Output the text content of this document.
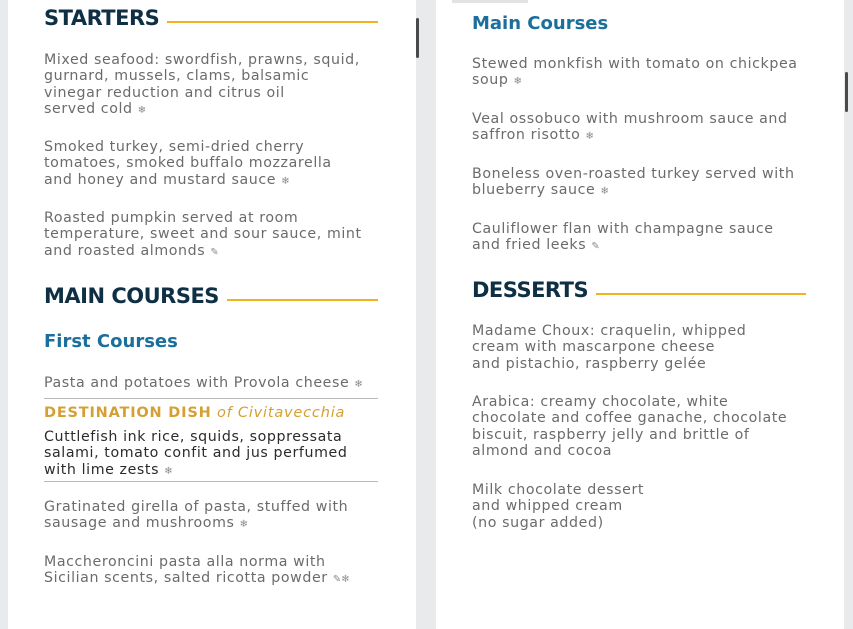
STARTERS
Mixed seafood: swordfish, prawns, squid,
gurnard, mussels, clams, balsamic
vinegar reduction and citrus oil
served cold ❄
Smoked turkey, semi-dried cherry
tomatoes, smoked buffalo mozzarella
and honey and mustard sauce ❄
Roasted pumpkin served at room
temperature, sweet and sour sauce, mint
and roasted almonds ✎
MAIN COURSES
First Courses
Pasta and potatoes with Provola cheese ❄
DESTINATION DISH of Civitavecchia
Cuttlefish ink rice, squids, soppressata
salami, tomato confit and jus perfumed
with lime zests ❄
Gratinated girella of pasta, stuffed with
sausage and mushrooms ❄
Maccheroncini pasta alla norma with
Sicilian scents, salted ricotta powder ✎❄
Main Courses
Stewed monkfish with tomato on chickpea
soup ❄
Veal ossobuco with mushroom sauce and
saffron risotto ❄
Boneless oven-roasted turkey served with
blueberry sauce ❄
Cauliflower flan with champagne sauce
and fried leeks ✎
DESSERTS
Madame Choux: craquelin, whipped
cream with mascarpone cheese
and pistachio, raspberry gelée
Arabica: creamy chocolate, white
chocolate and coffee ganache, chocolate
biscuit, raspberry jelly and brittle of
almond and cocoa
Milk chocolate dessert
and whipped cream
(no sugar added)
